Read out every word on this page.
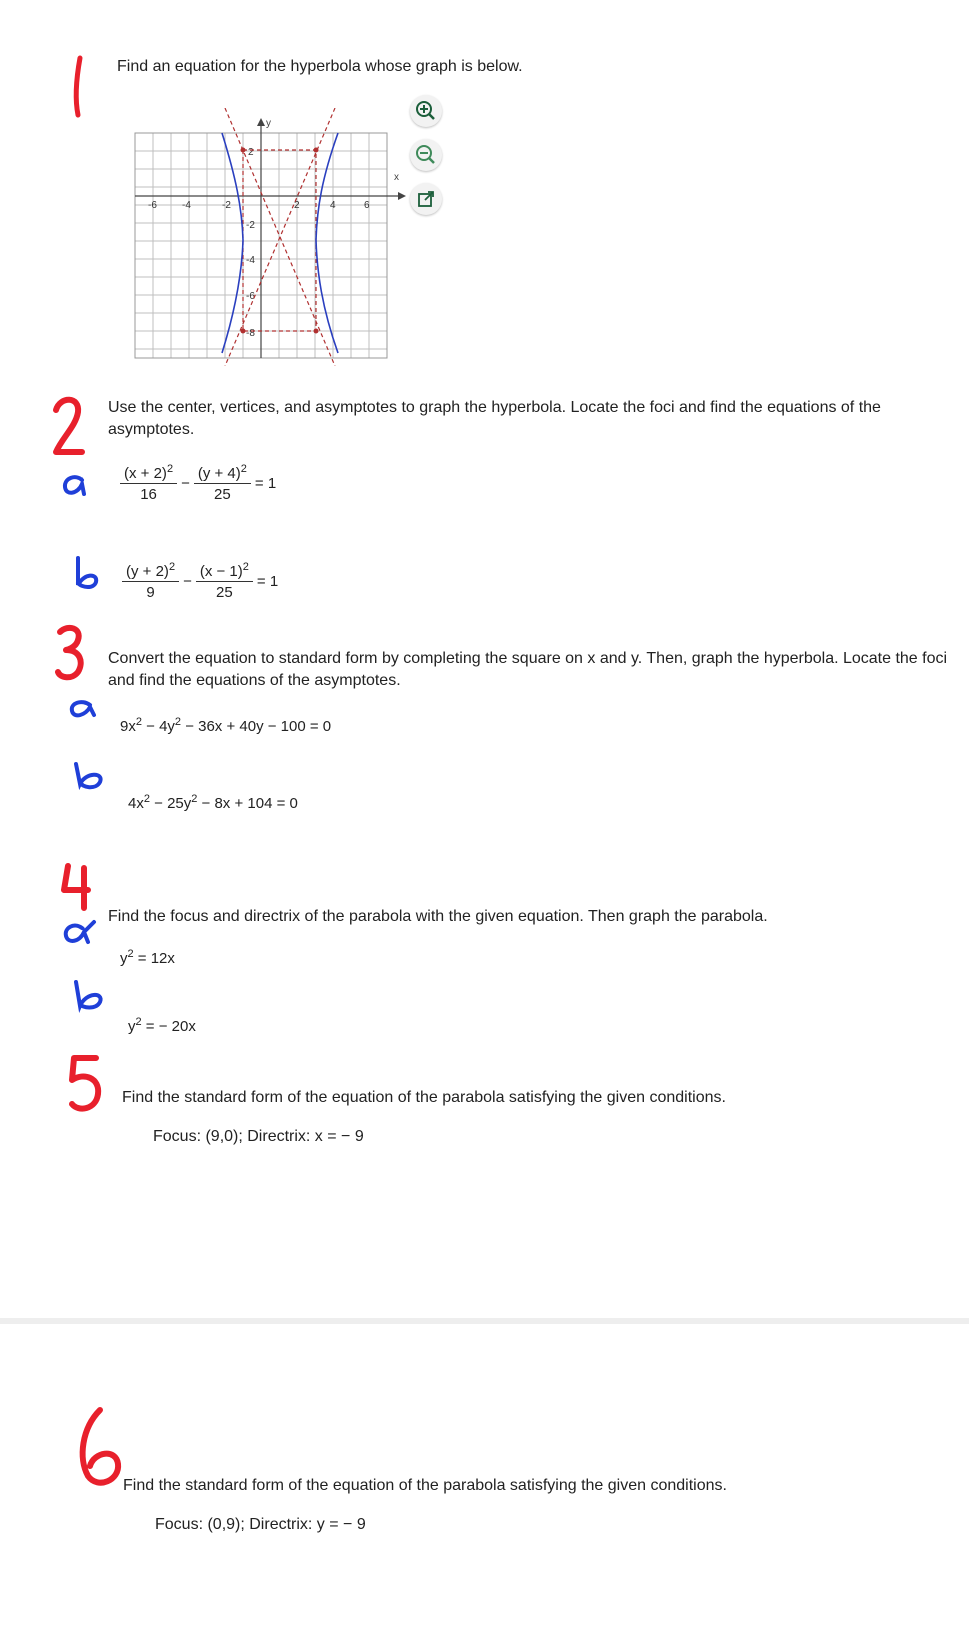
Find an equation for the hyperbola whose graph is below.
x
y
-6	-4	-2	2	4	6
2
-2
-4
-6
-8
Use the center, vertices, and asymptotes to graph the hyperbola. Locate the foci and find the equations of the asymptotes.
$\frac{(x + 2)^2}{16} - \frac{(y + 4)^2}{25} = 1$
$\frac{(y + 2)^2}{9} - \frac{(x - 1)^2}{25} = 1$
Convert the equation to standard form by completing the square on x and y. Then, graph the hyperbola. Locate the foci and find the equations of the asymptotes.
$9x^2 - 4y^2 - 36x + 40y - 100 = 0$
$4x^2 - 25y^2 - 8x + 104 = 0$
Find the focus and directrix of the parabola with the given equation. Then graph the parabola.
$y^2 = 12x$
$y^2$ = − 20x
Find the standard form of the equation of the parabola satisfying the given conditions.
Focus: (9,0); Directrix: x = − 9
Find the standard form of the equation of the parabola satisfying the given conditions.
Focus: (0,9); Directrix: y = − 9
